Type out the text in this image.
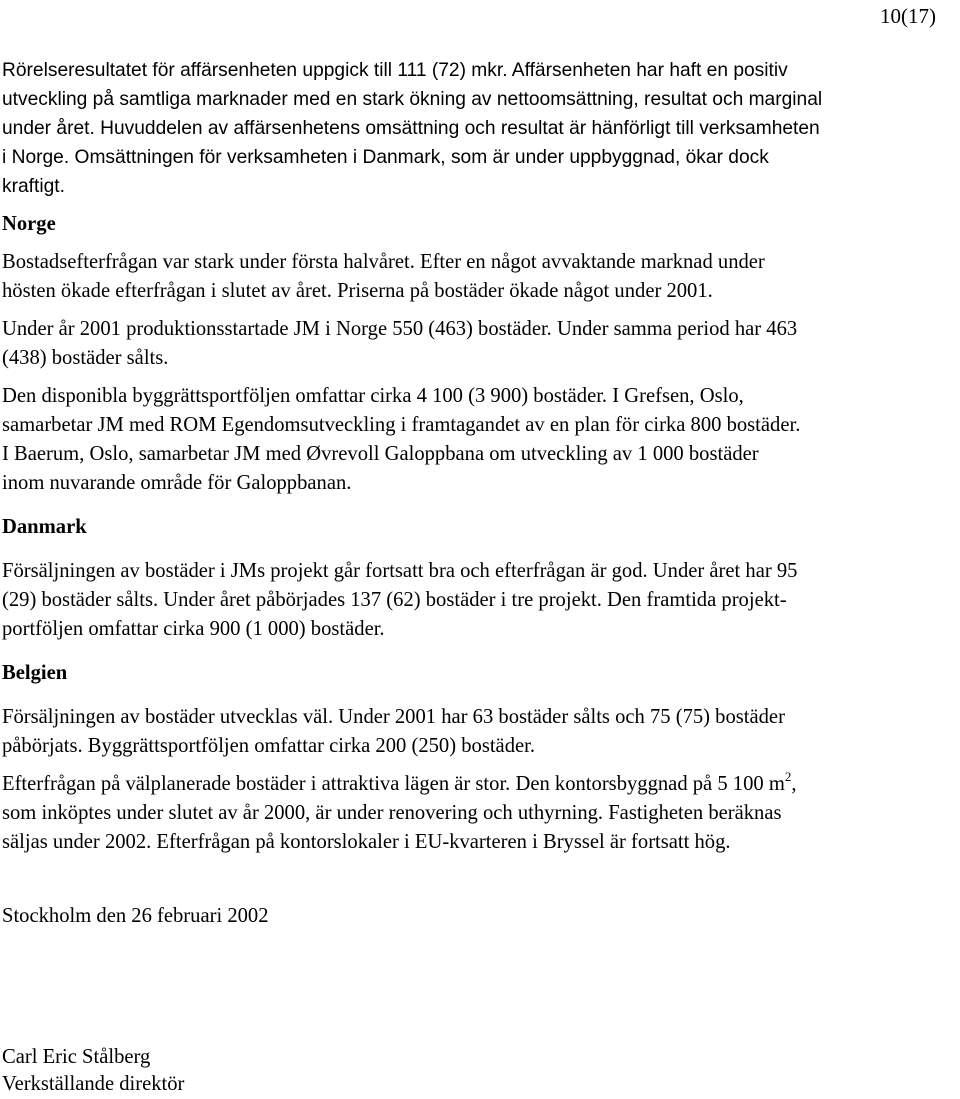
10(17)

Rörelseresultatet för affärsenheten uppgick till 111 (72) mkr. Affärsenheten har haft en positiv
utveckling på samtliga marknader med en stark ökning av nettoomsättning, resultat och marginal
under året. Huvuddelen av affärsenhetens omsättning och resultat är hänförligt till verksamheten
i Norge. Omsättningen för verksamheten i Danmark, som är under uppbyggnad, ökar dock
kraftigt.

Norge

Bostadsefterfrågan var stark under första halvåret. Efter en något avvaktande marknad under
hösten ökade efterfrågan i slutet av året. Priserna på bostäder ökade något under 2001.

Under år 2001 produktionsstartade JM i Norge 550 (463) bostäder. Under samma period har 463
(438) bostäder sålts.

Den disponibla byggrättsportföljen omfattar cirka 4 100 (3 900) bostäder. I Grefsen, Oslo,
samarbetar JM med ROM Egendomsutveckling i framtagandet av en plan för cirka 800 bostäder.
I Baerum, Oslo, samarbetar JM med Øvrevoll Galoppbana om utveckling av 1 000 bostäder
inom nuvarande område för Galoppbanan.

Danmark

Försäljningen av bostäder i JMs projekt går fortsatt bra och efterfrågan är god. Under året har 95
(29) bostäder sålts. Under året påbörjades 137 (62) bostäder i tre projekt. Den framtida projekt-
portföljen omfattar cirka 900 (1 000) bostäder.

Belgien

Försäljningen av bostäder utvecklas väl. Under 2001 har 63 bostäder sålts och 75 (75) bostäder
påbörjats. Byggrättsportföljen omfattar cirka 200 (250) bostäder.

Efterfrågan på välplanerade bostäder i attraktiva lägen är stor. Den kontorsbyggnad på 5 100 $m^2$,
som inköptes under slutet av år 2000, är under renovering och uthyrning. Fastigheten beräknas
säljas under 2002. Efterfrågan på kontorslokaler i EU-kvarteren i Bryssel är fortsatt hög.

Stockholm den 26 februari 2002

Carl Eric Stålberg

Verkställande direktör
